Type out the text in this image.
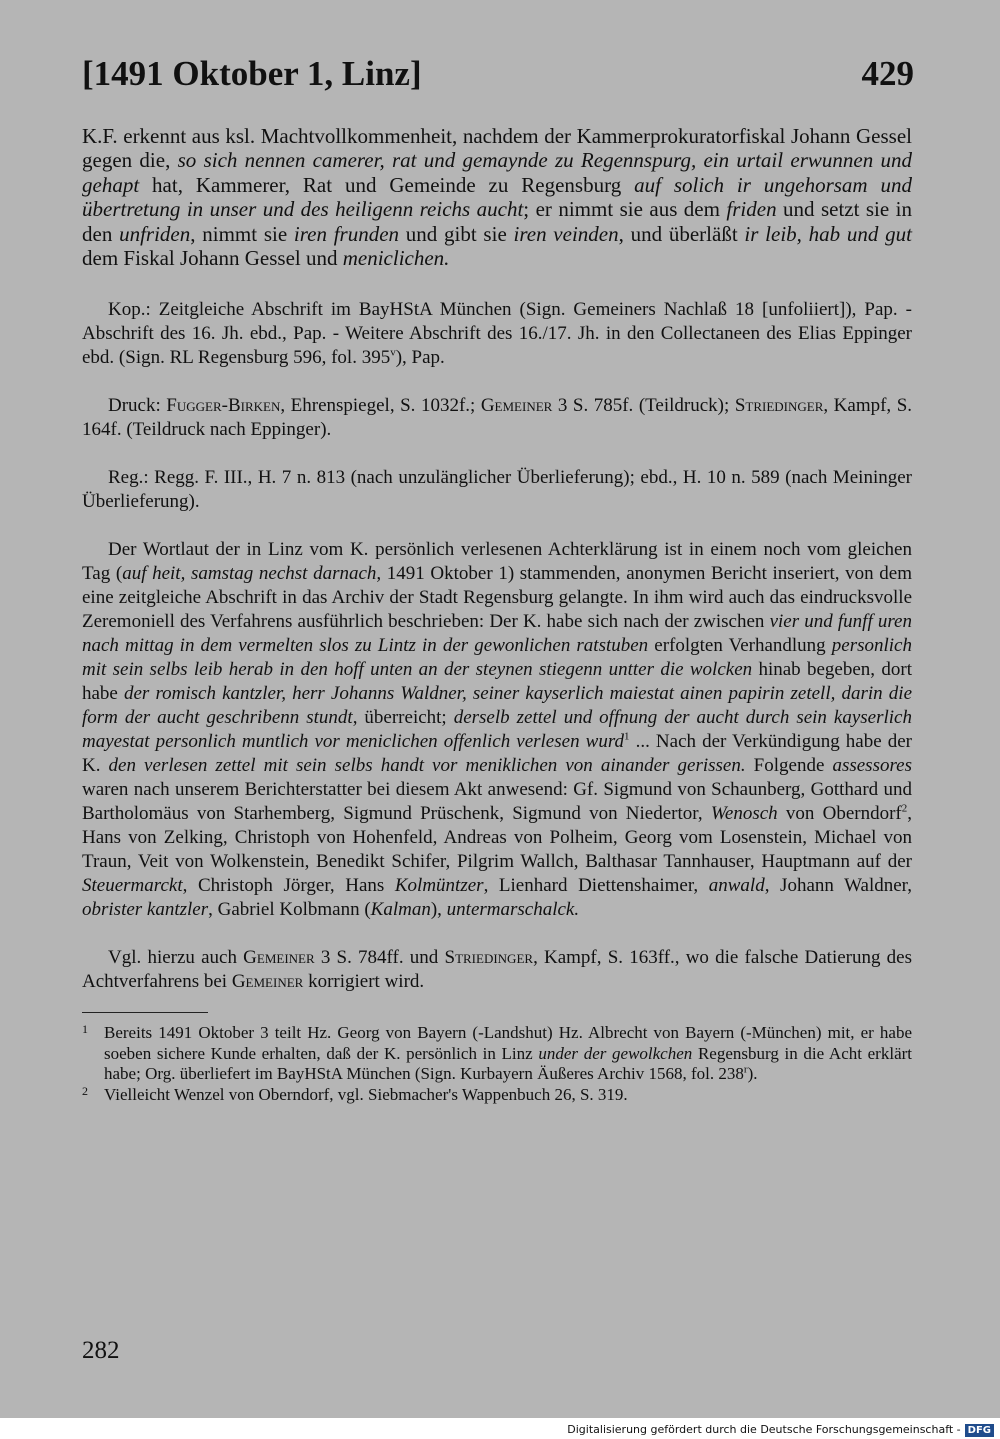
[1491 Oktober 1, Linz]	429

K.F. erkennt aus ksl. Machtvollkommenheit, nachdem der Kammerprokuratorfiskal Johann Gessel gegen die, so sich nennen camerer, rat und gemaynde zu Regennspurg, ein urtail erwunnen und gehapt hat, Kammerer, Rat und Gemeinde zu Regensburg auf solich ir ungehorsam und übertretung in unser und des heiligenn reichs aucht; er nimmt sie aus dem friden und setzt sie in den unfriden, nimmt sie iren frunden und gibt sie iren veinden, und überläßt ir leib, hab und gut dem Fiskal Johann Gessel und meniclichen.

Kop.: Zeitgleiche Abschrift im BayHStA München (Sign. Gemeiners Nachlaß 18 [unfoliiert]), Pap. - Abschrift des 16. Jh. ebd., Pap. - Weitere Abschrift des 16./17. Jh. in den Collectaneen des Elias Eppinger ebd. (Sign. RL Regensburg 596, fol. 395$^v$), Pap.

Druck: Fugger-Birken, Ehrenspiegel, S. 1032f.; Gemeiner 3 S. 785f. (Teildruck); Striedinger, Kampf, S. 164f. (Teildruck nach Eppinger).

Reg.: Regg. F. III., H. 7 n. 813 (nach unzulänglicher Überlieferung); ebd., H. 10 n. 589 (nach Meininger Überlieferung).

Der Wortlaut der in Linz vom K. persönlich verlesenen Achterklärung ist in einem noch vom gleichen Tag (auf heit, samstag nechst darnach, 1491 Oktober 1) stammenden, anonymen Bericht inseriert, von dem eine zeitgleiche Abschrift in das Archiv der Stadt Regensburg gelangte. In ihm wird auch das eindrucksvolle Zeremoniell des Verfahrens ausführlich beschrieben: Der K. habe sich nach der zwischen vier und funff uren nach mittag in dem vermelten slos zu Lintz in der gewonlichen ratstuben erfolgten Verhandlung personlich mit sein selbs leib herab in den hoff unten an der steynen stiegenn untter die wolcken hinab begeben, dort habe der romisch kantzler, herr Johanns Waldner, seiner kayserlich maiestat ainen papirin zetell, darin die form der aucht geschribenn stundt, überreicht; derselb zettel und offnung der aucht durch sein kayserlich mayestat personlich muntlich vor meniclichen offenlich verlesen wurd$^1$ ... Nach der Verkündigung habe der K. den verlesen zettel mit sein selbs handt vor meniklichen von ainander gerissen. Folgende assessores waren nach unserem Berichterstatter bei diesem Akt anwesend: Gf. Sigmund von Schaunberg, Gotthard und Bartholomäus von Starhemberg, Sigmund Prüschenk, Sigmund von Niedertor, Wenosch von Oberndorf$^2$, Hans von Zelking, Christoph von Hohenfeld, Andreas von Polheim, Georg vom Losenstein, Michael von Traun, Veit von Wolkenstein, Benedikt Schifer, Pilgrim Wallch, Balthasar Tannhauser, Hauptmann auf der Steuermarckt, Christoph Jörger, Hans Kolmüntzer, Lienhard Diettenshaimer, anwald, Johann Waldner, obrister kantzler, Gabriel Kolbmann (Kalman), untermarschalck.

Vgl. hierzu auch Gemeiner 3 S. 784ff. und Striedinger, Kampf, S. 163ff., wo die falsche Datierung des Achtverfahrens bei Gemeiner korrigiert wird.

1 Bereits 1491 Oktober 3 teilt Hz. Georg von Bayern (-Landshut) Hz. Albrecht von Bayern (-München) mit, er habe soeben sichere Kunde erhalten, daß der K. persönlich in Linz under der gewolkchen Regensburg in die Acht erklärt habe; Org. überliefert im BayHStA München (Sign. Kurbayern Äußeres Archiv 1568, fol. 238$^r$).
2 Vielleicht Wenzel von Oberndorf, vgl. Siebmacher's Wappenbuch 26, S. 319.
282
Digitalisierung gefördert durch die Deutsche Forschungsgemeinschaft - DFG
